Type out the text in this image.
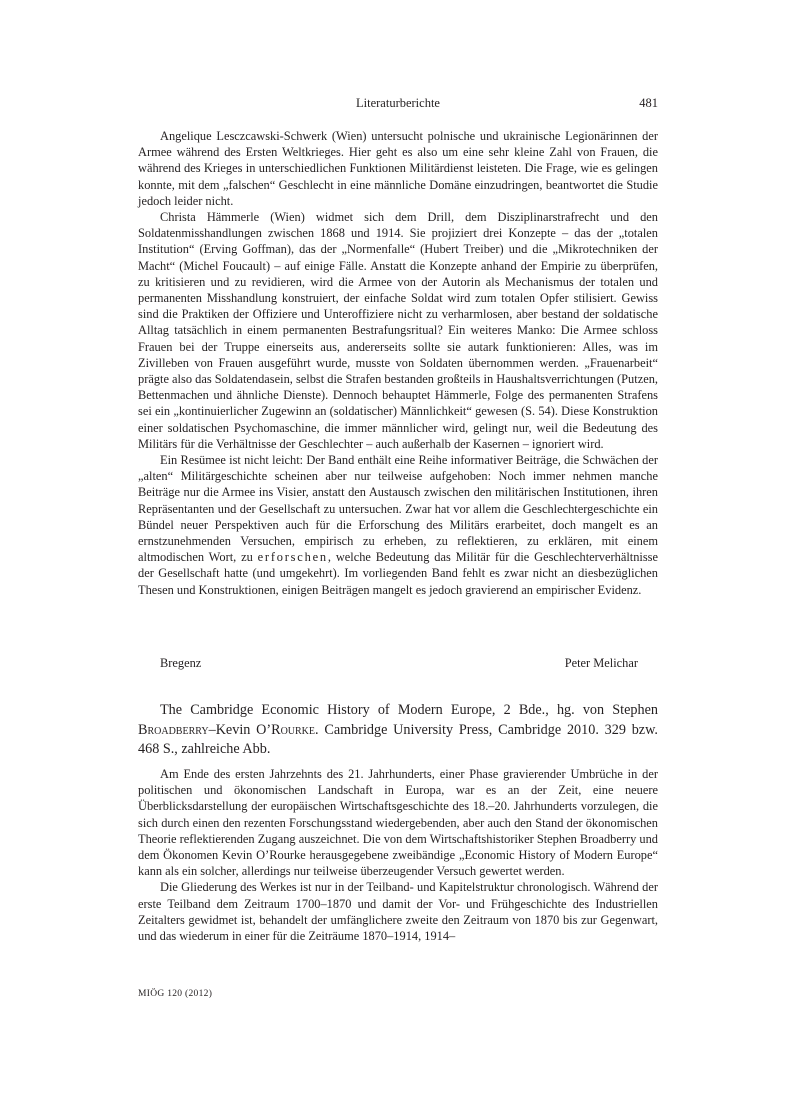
Literaturberichte	481

Angelique Lesczcawski-Schwerk (Wien) untersucht polnische und ukrainische Legionärinnen der Armee während des Ersten Weltkrieges. Hier geht es also um eine sehr kleine Zahl von Frauen, die während des Krieges in unterschiedlichen Funktionen Militärdienst leisteten. Die Frage, wie es gelingen konnte, mit dem „falschen“ Geschlecht in eine männliche Domäne einzudringen, beantwortet die Studie jedoch leider nicht.

Christa Hämmerle (Wien) widmet sich dem Drill, dem Disziplinarstrafrecht und den Soldatenmisshandlungen zwischen 1868 und 1914. Sie projiziert drei Konzepte – das der „totalen Institution“ (Erving Goffman), das der „Normenfalle“ (Hubert Treiber) und die „Mikrotechniken der Macht“ (Michel Foucault) – auf einige Fälle. Anstatt die Konzepte anhand der Empirie zu überprüfen, zu kritisieren und zu revidieren, wird die Armee von der Autorin als Mechanismus der totalen und permanenten Misshandlung konstruiert, der einfache Soldat wird zum totalen Opfer stilisiert. Gewiss sind die Praktiken der Offiziere und Unteroffiziere nicht zu verharmlosen, aber bestand der soldatische Alltag tatsächlich in einem permanenten Bestrafungsritual? Ein weiteres Manko: Die Armee schloss Frauen bei der Truppe einerseits aus, andererseits sollte sie autark funktionieren: Alles, was im Zivilleben von Frauen ausgeführt wurde, musste von Soldaten übernommen werden. „Frauenarbeit“ prägte also das Soldatendasein, selbst die Strafen bestanden großteils in Haushaltsverrichtungen (Putzen, Bettenmachen und ähnliche Dienste). Dennoch behauptet Hämmerle, Folge des permanenten Strafens sei ein „kontinuierlicher Zugewinn an (soldatischer) Männlichkeit“ gewesen (S. 54). Diese Konstruktion einer soldatischen Psychomaschine, die immer männlicher wird, gelingt nur, weil die Bedeutung des Militärs für die Verhältnisse der Geschlechter – auch außerhalb der Kasernen – ignoriert wird.

Ein Resümee ist nicht leicht: Der Band enthält eine Reihe informativer Beiträge, die Schwächen der „alten“ Militärgeschichte scheinen aber nur teilweise aufgehoben: Noch immer nehmen manche Beiträge nur die Armee ins Visier, anstatt den Austausch zwischen den militärischen Institutionen, ihren Repräsentanten und der Gesellschaft zu untersuchen. Zwar hat vor allem die Geschlechtergeschichte ein Bündel neuer Perspektiven auch für die Erforschung des Militärs erarbeitet, doch mangelt es an ernstzunehmenden Versuchen, empirisch zu erheben, zu reflektieren, zu erklären, mit einem altmodischen Wort, zu erforschen, welche Bedeutung das Militär für die Geschlechterverhältnisse der Gesellschaft hatte (und umgekehrt). Im vorliegenden Band fehlt es zwar nicht an diesbezüglichen Thesen und Konstruktionen, einigen Beiträgen mangelt es jedoch gravierend an empirischer Evidenz.

Bregenz	Peter Melichar

The Cambridge Economic History of Modern Europe, 2 Bde., hg. von Stephen Broadberry–Kevin O’Rourke. Cambridge University Press, Cambridge 2010. 329 bzw. 468 S., zahlreiche Abb.

Am Ende des ersten Jahrzehnts des 21. Jahrhunderts, einer Phase gravierender Umbrüche in der politischen und ökonomischen Landschaft in Europa, war es an der Zeit, eine neuere Überblicksdarstellung der europäischen Wirtschaftsgeschichte des 18.–20. Jahrhunderts vorzulegen, die sich durch einen den rezenten Forschungsstand wiedergebenden, aber auch den Stand der ökonomischen Theorie reflektierenden Zugang auszeichnet. Die von dem Wirtschaftshistoriker Stephen Broadberry und dem Ökonomen Kevin O’Rourke herausgegebene zweibändige „Economic History of Modern Europe“ kann als ein solcher, allerdings nur teilweise überzeugender Versuch gewertet werden.

Die Gliederung des Werkes ist nur in der Teilband- und Kapitelstruktur chronologisch. Während der erste Teilband dem Zeitraum 1700–1870 und damit der Vor- und Frühgeschichte des Industriellen Zeitalters gewidmet ist, behandelt der umfänglichere zweite den Zeitraum von 1870 bis zur Gegenwart, und das wiederum in einer für die Zeiträume 1870–1914, 1914–

MIÖG 120 (2012)
